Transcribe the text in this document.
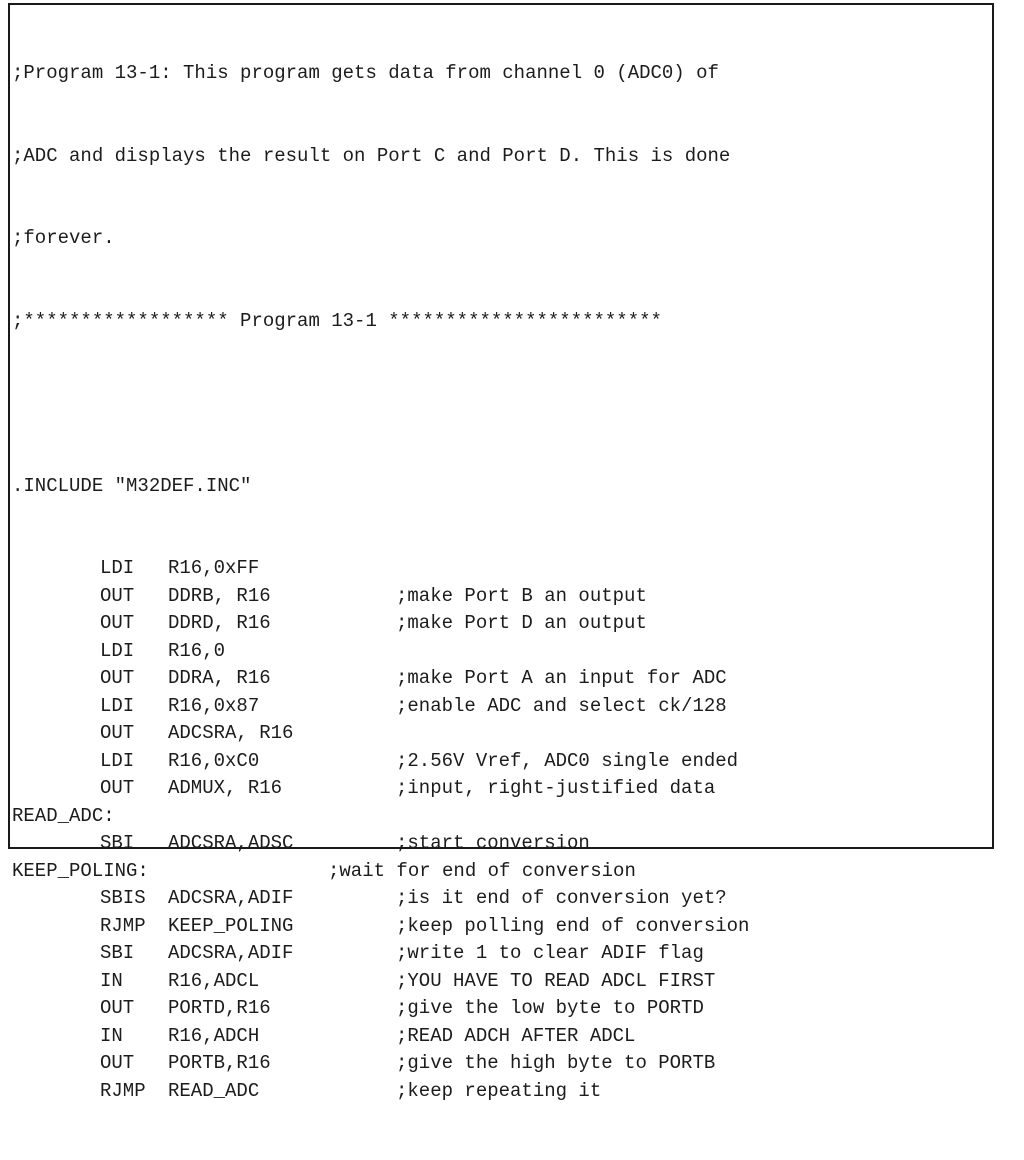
;Program 13-1: This program gets data from channel 0 (ADC0) of

;ADC and displays the result on Port C and Port D. This is done

;forever.

;****************** Program 13-1 ************************

.INCLUDE "M32DEF.INC"

LDI R16,0xFF
OUT DDRB, R16	;make Port B an output
OUT DDRD, R16	;make Port D an output
LDI R16,0
OUT DDRA, R16	;make Port A an input for ADC
LDI R16,0x87	;enable ADC and select ck/128
OUT ADCSRA, R16
LDI R16,0xC0	;2.56V Vref, ADC0 single ended
OUT ADMUX, R16	;input, right-justified data
READ_ADC:
SBI ADCSRA,ADSC	;start conversion
KEEP_POLING:	;wait for end of conversion
SBIS ADCSRA,ADIF	;is it end of conversion yet?
RJMP KEEP_POLING	;keep polling end of conversion
SBI ADCSRA,ADIF	;write 1 to clear ADIF flag
IN R16,ADCL	;YOU HAVE TO READ ADCL FIRST
OUT PORTD,R16	;give the low byte to PORTD
IN R16,ADCH	;READ ADCH AFTER ADCL
OUT PORTB,R16	;give the high byte to PORTB
RJMP READ_ADC	;keep repeating it
